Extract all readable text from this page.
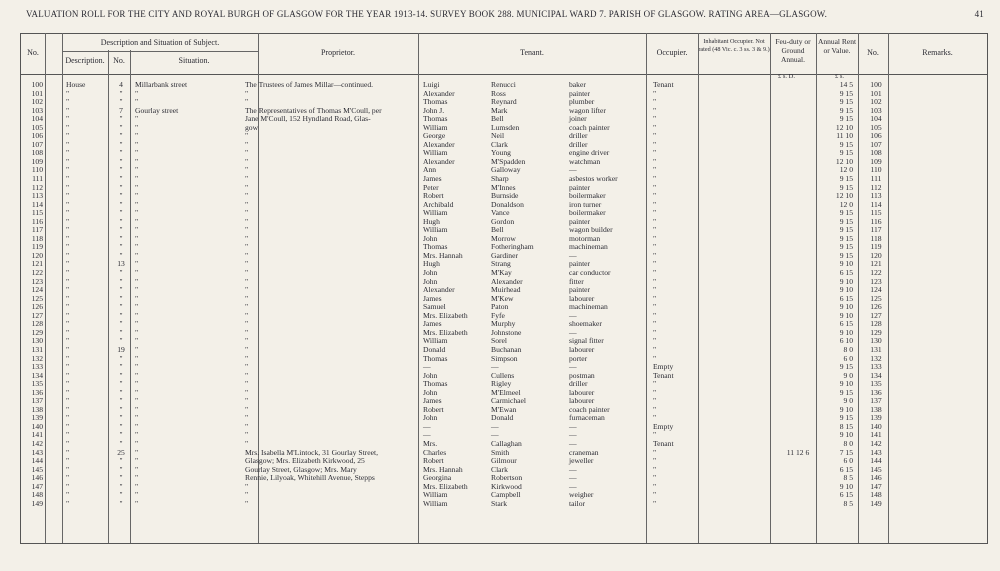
VALUATION ROLL FOR THE CITY AND ROYAL BURGH OF GLASGOW FOR THE YEAR 1913-14. SURVEY BOOK 288. MUNICIPAL WARD 7. PARISH OF GLASGOW. RATING AREA—GLASGOW.	41
No.
Description and Situation of Subject.
Description.	No.	Situation.
Proprietor.	Tenant.	Occupier.
Inhabitant Occupier. Not rated (48 Vic. c. 3 ss. 3 & 9.)
Feu-duty or Ground Annual.
Annual Rent or Value.	No.	Remarks.
£ s. D.	£ s.
100	House	4	Millarbank street	The Trustees of James Millar—continued.	Luigi	Renucci	baker	Tenant	14 5	100
101	"	"	"	"	Alexander	Ross	painter	"	9 15	101
102	"	"	"	"	Thomas	Reynard	plumber	"	9 15	102
103	"	7	Gourlay street	The Representatives of Thomas M'Coull, per	John J.	Mark	wagon lifter	"	9 15	103
104	"	"	"	Jane M'Coull, 152 Hyndland Road, Glas-	Thomas	Bell	joiner	"	9 15	104
105	"	"	"	gow	William	Lumsden	coach painter	"	12 10	105
106	"	"	"	"	George	Neil	driller	"	11 10	106
107	"	"	"	"	Alexander	Clark	driller	"	9 15	107
108	"	"	"	"	William	Young	engine driver	"	9 15	108
109	"	"	"	"	Alexander	M'Spadden	watchman	"	12 10	109
110	"	"	"	"	Ann	Galloway	—	"	12 0	110
111	"	"	"	"	James	Sharp	asbestos worker	"	9 15	111
112	"	"	"	"	Peter	M'Innes	painter	"	9 15	112
113	"	"	"	"	Robert	Burnside	boilermaker	"	12 10	113
114	"	"	"	"	Archibald	Donaldson	iron turner	"	12 0	114
115	"	"	"	"	William	Vance	boilermaker	"	9 15	115
116	"	"	"	"	Hugh	Gordon	painter	"	9 15	116
117	"	"	"	"	William	Bell	wagon builder	"	9 15	117
118	"	"	"	"	John	Morrow	motorman	"	9 15	118
119	"	"	"	"	Thomas	Fotheringham	machineman	"	9 15	119
120	"	"	"	"	Mrs. Hannah	Gardiner	—	"	9 15	120
121	"	13	"	"	Hugh	Strang	painter	"	9 10	121
122	"	"	"	"	John	M'Kay	car conductor	"	6 15	122
123	"	"	"	"	John	Alexander	fitter	"	9 10	123
124	"	"	"	"	Alexander	Muirhead	painter	"	9 10	124
125	"	"	"	"	James	M'Kew	labourer	"	6 15	125
126	"	"	"	"	Samuel	Paton	machineman	"	9 10	126
127	"	"	"	"	Mrs. Elizabeth	Fyfe	—	"	9 10	127
128	"	"	"	"	James	Murphy	shoemaker	"	6 15	128
129	"	"	"	"	Mrs. Elizabeth	Johnstone	—	"	9 10	129
130	"	"	"	"	William	Sorel	signal fitter	"	6 10	130
131	"	19	"	"	Donald	Buchanan	labourer	"	8 0	131
132	"	"	"	"	Thomas	Simpson	porter	"	6 0	132
133	"	"	"	"	—	—	—	Empty	9 15	133
134	"	"	"	"	John	Cullens	postman	Tenant	9 0	134
135	"	"	"	"	Thomas	Rigley	driller	"	9 10	135
136	"	"	"	"	John	M'Elmeel	labourer	"	9 15	136
137	"	"	"	"	James	Carmichael	labourer	"	9 0	137
138	"	"	"	"	Robert	M'Ewan	coach painter	"	9 10	138
139	"	"	"	"	John	Donald	furnaceman	"	9 15	139
140	"	"	"	"	—	—	—	Empty	8 15	140
141	"	"	"	"	—	—	—	"	9 10	141
142	"	"	"	"	Mrs.	Callaghan	—	Tenant	8 0	142
143	"	25	"	Mrs. Isabella M'Lintock, 31 Gourlay Street,	Charles	Smith	craneman	"	11 12 6	7 15	143
144	"	"	"	Glasgow; Mrs. Elizabeth Kirkwood, 25	Robert	Gilmour	jeweller	"	6 0	144
145	"	"	"	Gourlay Street, Glasgow; Mrs. Mary	Mrs. Hannah	Clark	—	"	6 15	145
146	"	"	"	Rennie, Lilyoak, Whitehill Avenue, Stepps	Georgina	Robertson	—	"	8 5	146
147	"	"	"	"	Mrs. Elizabeth	Kirkwood	—	"	9 10	147
148	"	"	"	"	William	Campbell	weigher	"	6 15	148
149	"	"	"	"	William	Stark	tailor	"	8 5	149
